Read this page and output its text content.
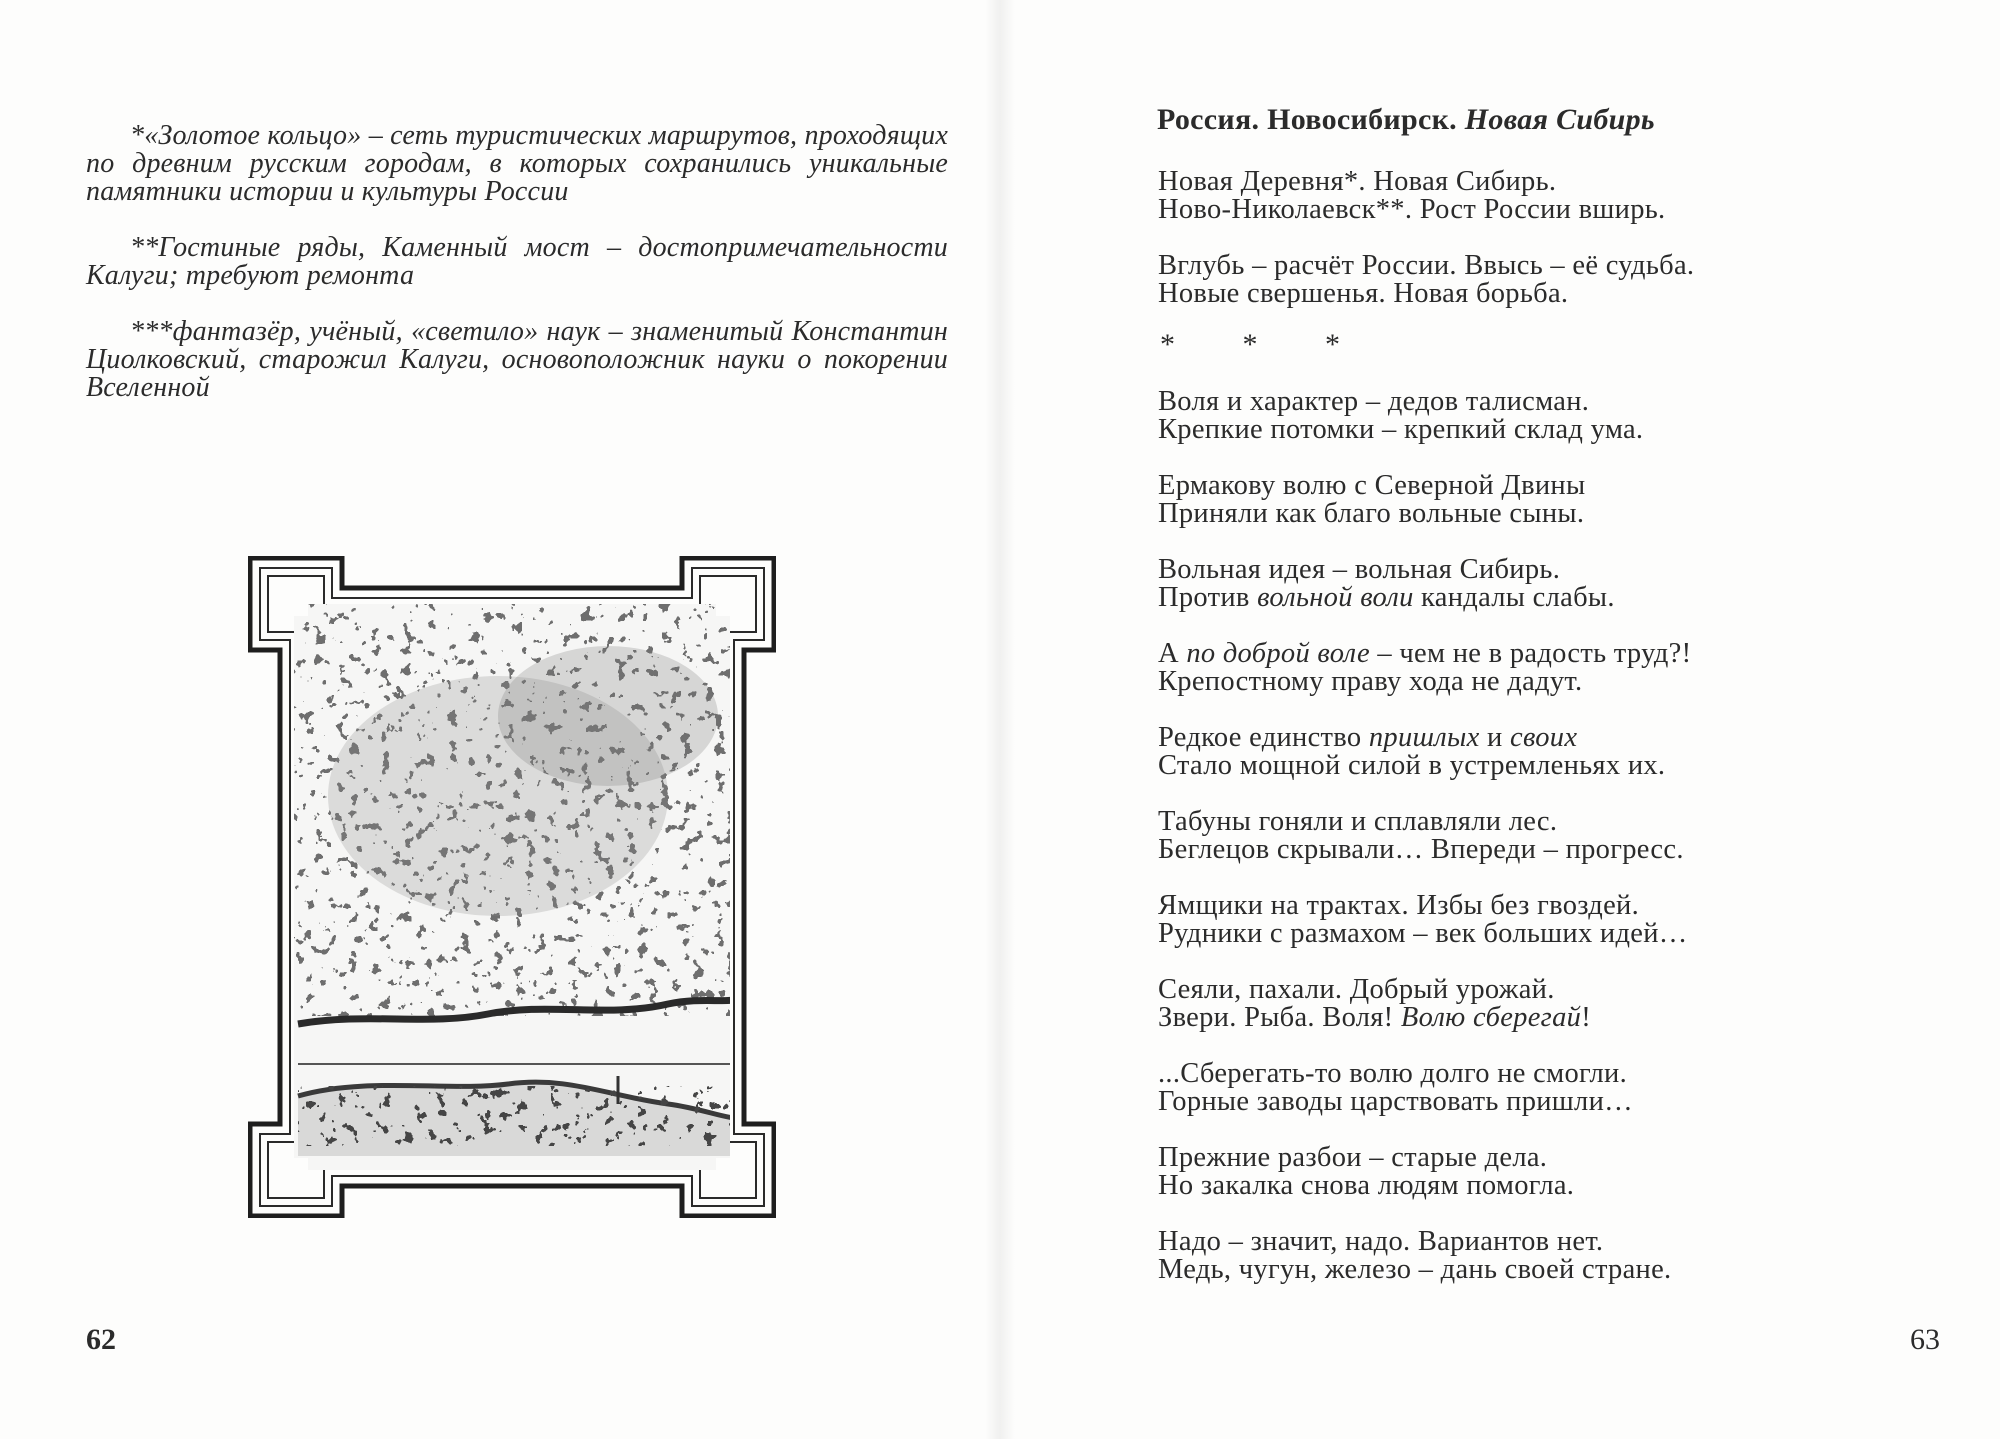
*«Золотое кольцо» – сеть туристических маршрутов, проходящих по древним русским городам, в которых сохранились уникальные памятники истории и культуры России

**Гостиные ряды, Каменный мост – достопримечательности Калуги; требуют ремонта

***фантазёр, учёный, «светило» наук – знаменитый Константин Циолковский, старожил Калуги, основоположник науки о покорении Вселенной

62
Россия. Новосибирск. Новая Сибирь
Новая Деревня*. Новая Сибирь.
Ново-Николаевск**. Рост России вширь.
Вглубь – расчёт России. Ввысь – её судьба.
Новые свершенья. Новая борьба.
* * *
Воля и характер – дедов талисман.
Крепкие потомки – крепкий склад ума.
Ермакову волю с Северной Двины
Приняли как благо вольные сыны.
Вольная идея – вольная Сибирь.
Против вольной воли кандалы слабы.
А по доброй воле – чем не в радость труд?!
Крепостному праву хода не дадут.
Редкое единство пришлых и своих
Стало мощной силой в устремленьях их.
Табуны гоняли и сплавляли лес.
Беглецов скрывали… Впереди – прогресс.
Ямщики на трактах. Избы без гвоздей.
Рудники с размахом – век больших идей…
Сеяли, пахали. Добрый урожай.
Звери. Рыба. Воля! Волю сберегай!
...Сберегать-то волю долго не смогли.
Горные заводы царствовать пришли…
Прежние разбои – старые дела.
Но закалка снова людям помогла.
Надо – значит, надо. Вариантов нет.
Медь, чугун, железо – дань своей стране.
63
